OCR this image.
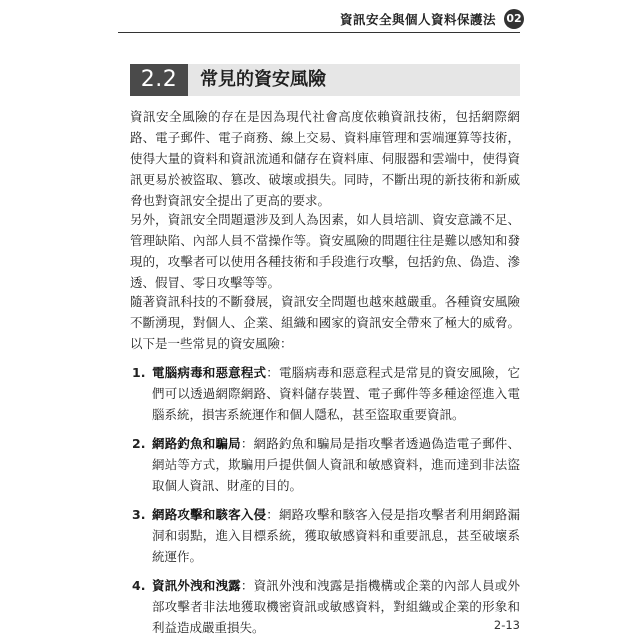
資訊安全與個人資料保護法 02
2.2	常見的資安風險

資訊安全風險的存在是因為現代社會高度依賴資訊技術，包括網際網路、電子郵件、電子商務、線上交易、資料庫管理和雲端運算等技術，使得大量的資料和資訊流通和儲存在資料庫、伺服器和雲端中，使得資訊更易於被盜取、篡改、破壞或損失。同時，不斷出現的新技術和新威脅也對資訊安全提出了更高的要求。

另外，資訊安全問題還涉及到人為因素，如人員培訓、資安意識不足、管理缺陷、內部人員不當操作等。資安風險的問題往往是難以感知和發現的，攻擊者可以使用各種技術和手段進行攻擊，包括釣魚、偽造、滲透、假冒、零日攻擊等等。

隨著資訊科技的不斷發展，資訊安全問題也越來越嚴重。各種資安風險不斷湧現，對個人、企業、組織和國家的資訊安全帶來了極大的威脅。以下是一些常見的資安風險：

1. 電腦病毒和惡意程式：電腦病毒和惡意程式是常見的資安風險，它們可以透過網際網路、資料儲存裝置、電子郵件等多種途徑進入電腦系統，損害系統運作和個人隱私，甚至盜取重要資訊。
2. 網路釣魚和騙局：網路釣魚和騙局是指攻擊者透過偽造電子郵件、網站等方式，欺騙用戶提供個人資訊和敏感資料，進而達到非法盜取個人資訊、財產的目的。
3. 網路攻擊和駭客入侵：網路攻擊和駭客入侵是指攻擊者利用網路漏洞和弱點，進入目標系統，獲取敏感資料和重要訊息，甚至破壞系統運作。
4. 資訊外洩和洩露：資訊外洩和洩露是指機構或企業的內部人員或外部攻擊者非法地獲取機密資訊或敏感資料，對組織或企業的形象和利益造成嚴重損失。	2-13
